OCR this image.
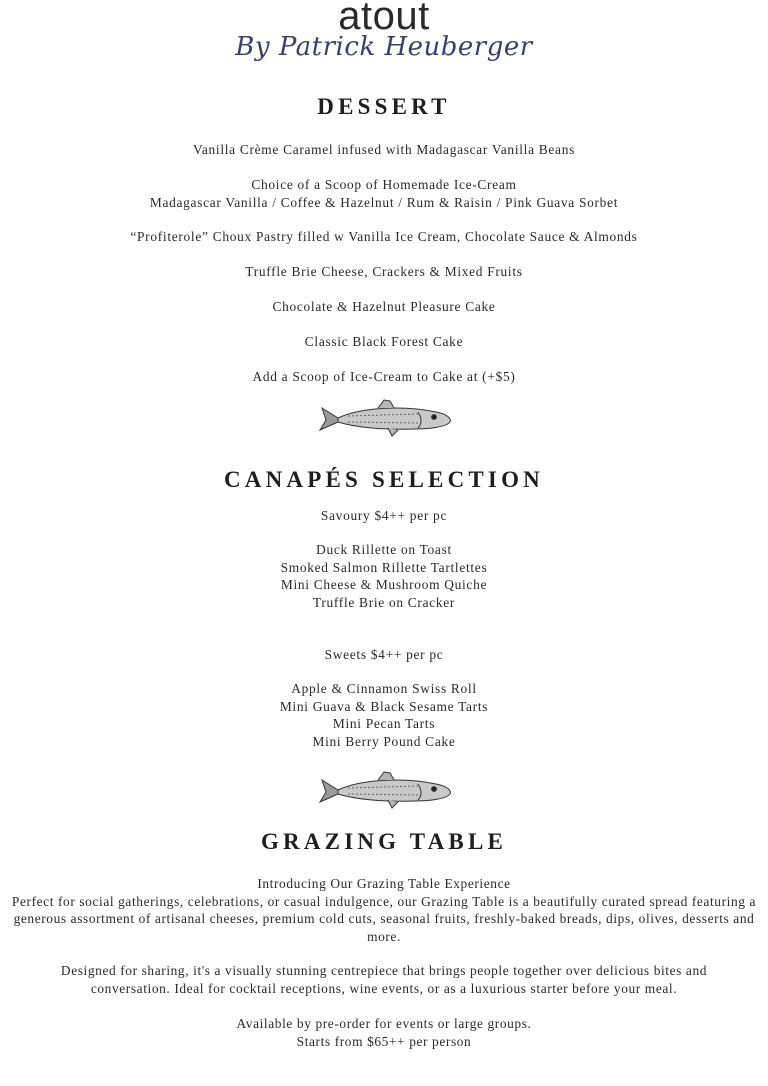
atout
By Patrick Heuberger
DESSERT
Vanilla Crème Caramel infused with Madagascar Vanilla Beans
Choice of a Scoop of Homemade Ice-Cream
Madagascar Vanilla / Coffee & Hazelnut / Rum & Raisin / Pink Guava Sorbet
“Profiterole” Choux Pastry filled w Vanilla Ice Cream, Chocolate Sauce & Almonds
Truffle Brie Cheese, Crackers & Mixed Fruits
Chocolate & Hazelnut Pleasure Cake
Classic Black Forest Cake
Add a Scoop of Ice-Cream to Cake at (+$5)
CANAPÉS SELECTION
Savoury $4++ per pc
Duck Rillette on Toast
Smoked Salmon Rillette Tartlettes
Mini Cheese & Mushroom Quiche
Truffle Brie on Cracker
Sweets $4++ per pc
Apple & Cinnamon Swiss Roll
Mini Guava & Black Sesame Tarts
Mini Pecan Tarts
Mini Berry Pound Cake
GRAZING TABLE
Introducing Our Grazing Table Experience
Perfect for social gatherings, celebrations, or casual indulgence, our Grazing Table is a beautifully curated spread featuring a generous assortment of artisanal cheeses, premium cold cuts, seasonal fruits, freshly-baked breads, dips, olives, desserts and more.
Designed for sharing, it's a visually stunning centrepiece that brings people together over delicious bites and conversation. Ideal for cocktail receptions, wine events, or as a luxurious starter before your meal.
Available by pre-order for events or large groups.
Starts from $65++ per person
